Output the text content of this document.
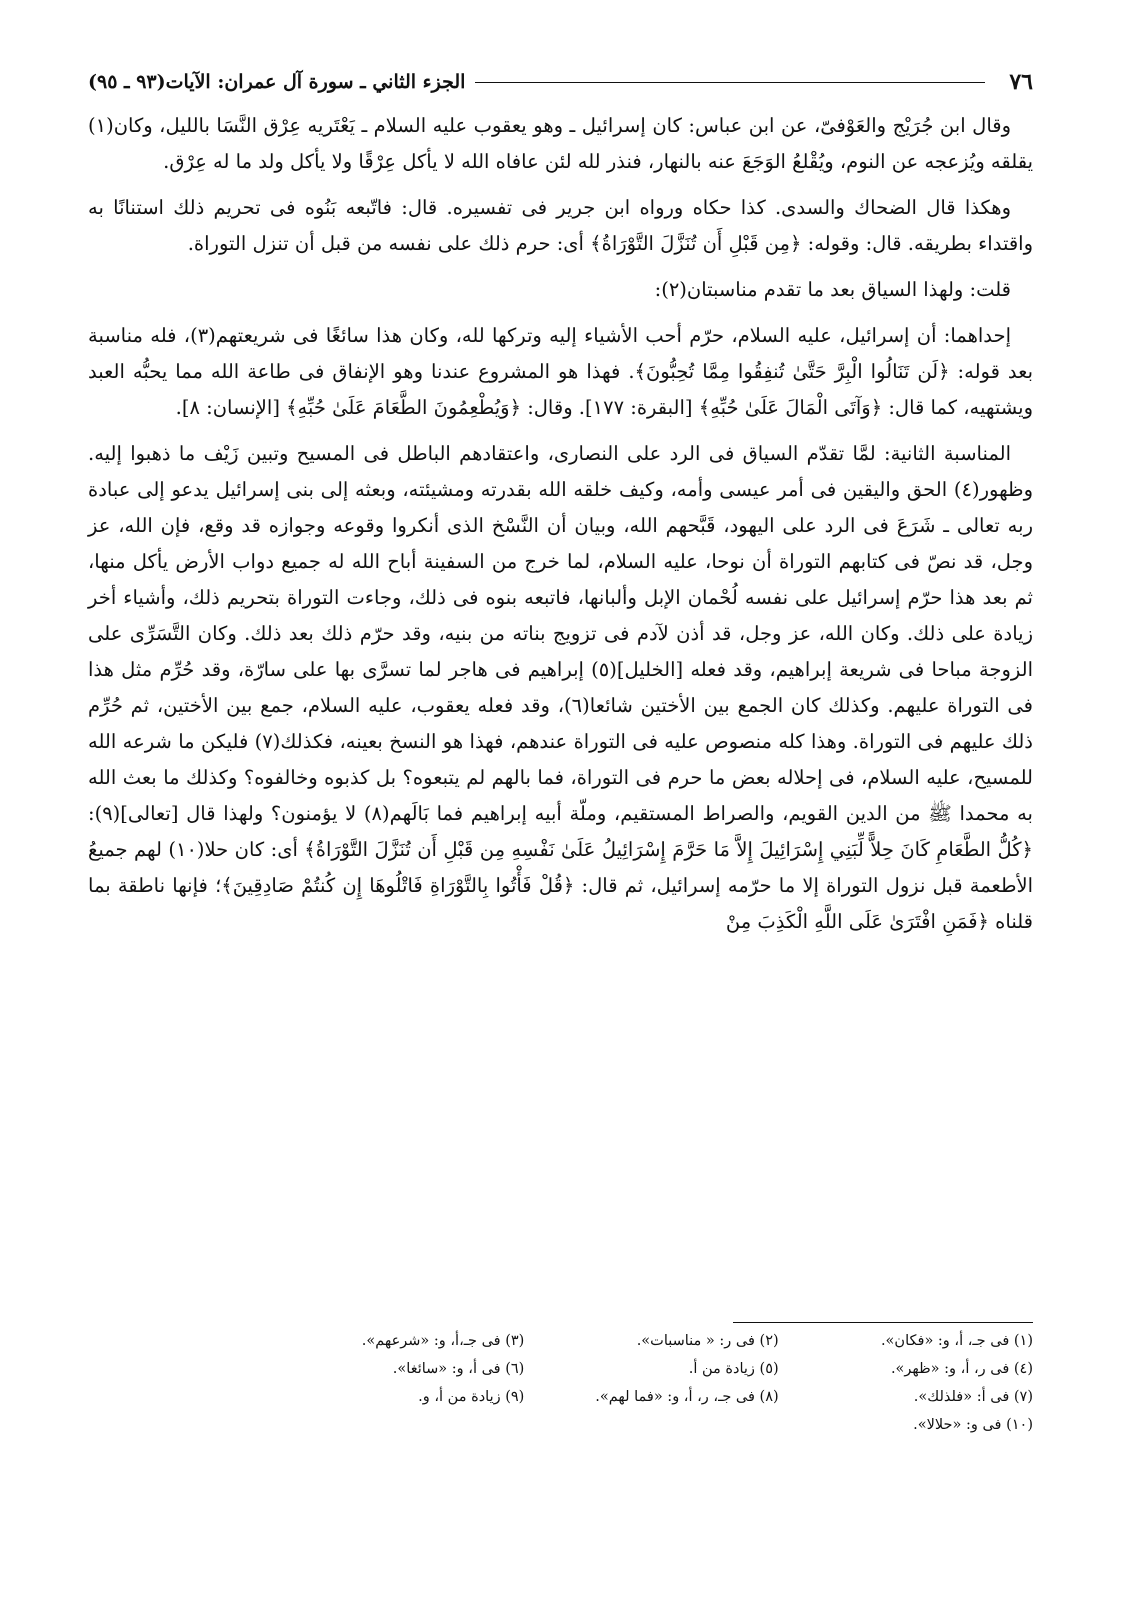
٧٦
الجزء الثاني ـ سورة آل عمران: الآيات(٩٣ ـ ٩٥)

وقال ابن جُرَيْج والعَوْفىّ، عن ابن عباس: كان إسرائيل ـ وهو يعقوب عليه السلام ـ يَعْتَريه عِرْق النَّسَا بالليل، وكان(١) يقلقه ويُزعجه عن النوم، ويُقْلعُ الوَجَعَ عنه بالنهار، فنذر لله لئن عافاه الله لا يأكل عِرْقًا ولا يأكل ولد ما له عِرْق.

وهكذا قال الضحاك والسدى. كذا حكاه ورواه ابن جرير فى تفسيره. قال: فاتّبعه بَنُوه فى تحريم ذلك استنانًا به واقتداء بطريقه. قال: وقوله: ﴿مِن قَبْلِ أَن تُنَزَّلَ التَّوْرَاةُ﴾ أى: حرم ذلك على نفسه من قبل أن تنزل التوراة.

قلت: ولهذا السياق بعد ما تقدم مناسبتان(٢):

إحداهما: أن إسرائيل، عليه السلام، حرّم أحب الأشياء إليه وتركها لله، وكان هذا سائغًا فى شريعتهم(٣)، فله مناسبة بعد قوله: ﴿لَن تَنَالُوا الْبِرَّ حَتَّىٰ تُنفِقُوا مِمَّا تُحِبُّونَ﴾. فهذا هو المشروع عندنا وهو الإنفاق فى طاعة الله مما يحبُّه العبد ويشتهيه، كما قال: ﴿وَآتَى الْمَالَ عَلَىٰ حُبِّهِ﴾ [البقرة: ١٧٧]. وقال: ﴿وَيُطْعِمُونَ الطَّعَامَ عَلَىٰ حُبِّهِ﴾ [الإنسان: ٨].

المناسبة الثانية: لمَّا تقدّم السياق فى الرد على النصارى، واعتقادهم الباطل فى المسيح وتبين زَيْف ما ذهبوا إليه. وظهور(٤) الحق واليقين فى أمر عيسى وأمه، وكيف خلقه الله بقدرته ومشيئته، وبعثه إلى بنى إسرائيل يدعو إلى عبادة ربه تعالى ـ شَرَعَ فى الرد على اليهود، قَبَّحهم الله، وبيان أن النَّسْخ الذى أنكروا وقوعه وجوازه قد وقع، فإن الله، عز وجل، قد نصّ فى كتابهم التوراة أن نوحا، عليه السلام، لما خرج من السفينة أباح الله له جميع دواب الأرض يأكل منها، ثم بعد هذا حرّم إسرائيل على نفسه لُحْمان الإبل وألبانها، فاتبعه بنوه فى ذلك، وجاءت التوراة بتحريم ذلك، وأشياء أخر زيادة على ذلك. وكان الله، عز وجل، قد أذن لآدم فى تزويج بناته من بنيه، وقد حرّم ذلك بعد ذلك. وكان التَّسَرِّى على الزوجة مباحا فى شريعة إبراهيم، وقد فعله [الخليل](٥) إبراهيم فى هاجر لما تسرَّى بها على سارّة، وقد حُرِّم مثل هذا فى التوراة عليهم. وكذلك كان الجمع بين الأختين شائعا(٦)، وقد فعله يعقوب، عليه السلام، جمع بين الأختين، ثم حُرِّم ذلك عليهم فى التوراة. وهذا كله منصوص عليه فى التوراة عندهم، فهذا هو النسخ بعينه، فكذلك(٧) فليكن ما شرعه الله للمسيح، عليه السلام، فى إحلاله بعض ما حرم فى التوراة، فما بالهم لم يتبعوه؟ بل كذبوه وخالفوه؟ وكذلك ما بعث الله به محمدا ﷺ من الدين القويم، والصراط المستقيم، وملّة أبيه إبراهيم فما بَالَهم(٨) لا يؤمنون؟ ولهذا قال [تعالى](٩): ﴿كُلُّ الطَّعَامِ كَانَ حِلاًّ لِّبَنِي إِسْرَائِيلَ إِلاَّ مَا حَرَّمَ إِسْرَائِيلُ عَلَىٰ نَفْسِهِ مِن قَبْلِ أَن تُنَزَّلَ التَّوْرَاةُ﴾ أى: كان حلا(١٠) لهم جميعُ الأطعمة قبل نزول التوراة إلا ما حرّمه إسرائيل، ثم قال: ﴿قُلْ فَأْتُوا بِالتَّوْرَاةِ فَاتْلُوهَا إِن كُنتُمْ صَادِقِينَ﴾؛ فإنها ناطقة بما قلناه ﴿فَمَنِ افْتَرَىٰ عَلَى اللَّهِ الْكَذِبَ مِنْ

(١) فى جـ، أ، و: «فكان».
(٢) فى ر: « مناسبات».
(٣) فى جـ،أ، و: «شرعهم».
(٤) فى ر، أ، و: «ظهر».
(٥) زيادة من أ.
(٦) فى أ، و: «سائغا».
(٧) فى أ: «فلذلك».
(٨) فى جـ، ر، أ، و: «فما لهم».
(٩) زيادة من أ، و.
(١٠) فى و: «حلالا».
